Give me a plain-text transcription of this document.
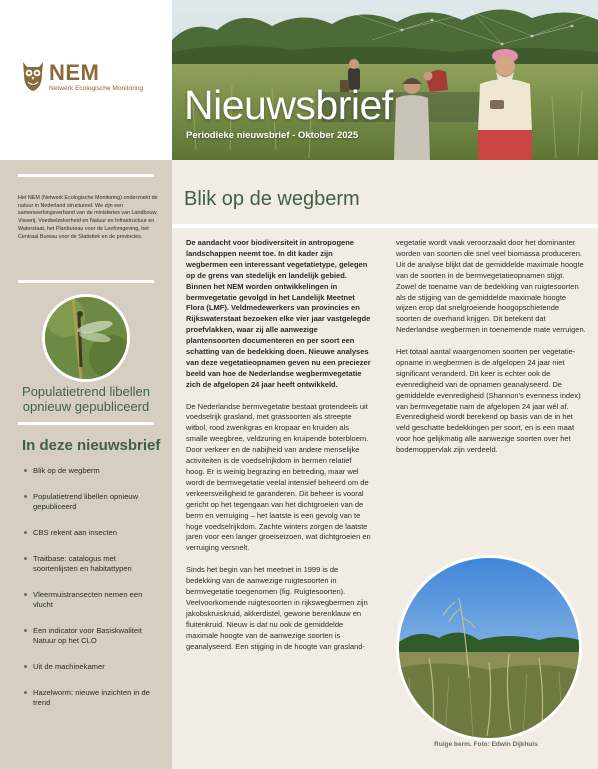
NEM
Netwerk Ecologische Monitoring Nieuwsbrief
Periodieke nieuwsbrief - Oktober 2025
Het NEM (Netwerk Ecologische Monitoring) onderzoekt de natuur in Nederland structureel. We zijn een samenwerkingsverband van de ministeries van Landbouw, Visserij, Voedselzekerheid en Natuur en Infrastructuur en Waterstaat, het Planbureau voor de Leefomgeving, het Centraal Bureau voor de Statistiek en de provincies.
Populatietrend libellen opnieuw gepubliceerd
In deze nieuwsbrief
Blik op de wegberm
Populatietrend libellen opnieuw gepubliceerd
CBS rekent aan insecten
Traitbase: catalogus met soortenlijsten en habitattypen
Vleermuistransecten nemen een vlucht
Een indicator voor Basiskwaliteit Natuur op het CLO
Uit de machinekamer
Hazelworm: nieuwe inzichten in de trend
Blik op de wegberm

De aandacht voor biodiversiteit in antropogene landschappen neemt toe. In dit kader zijn wegbermen een interessant vegetatietype, gelegen op de grens van stedelijk en landelijk gebied. Binnen het NEM worden ontwikkelingen in bermvegetatie gevolgd in het Landelijk Meetnet Flora (LMF). Veldmedewerkers van provincies en Rijkswaterstaat bezoeken elke vier jaar vastgelegde proefvlakken, waar zij alle aanwezige plantensoorten documenteren en per soort een schatting van de bedekking doen. Nieuwe analyses van deze vegetatieopnamen geven nu een preciezer beeld van hoe de Nederlandse wegbermvegetatie zich de afgelopen 24 jaar heeft ontwikkeld.

De Nederlandse bermvegetatie bestaat grotendeels uit voedselrijk grasland, met grassoorten als streepte witbol, rood zwenkgras en kropaar en kruiden als smalle weegbree, veldzuring en kruipende boterbloem. Door verkeer en de nabijheid van andere menselijke activiteiten is de voedselrijkdom in bermen relatief hoog. Er is weinig begrazing en betreding, maar wel wordt de bermvegetatie veelal intensief beheerd om de verkeersveiligheid te garanderen. Dit beheer is vooral gericht op het tegengaan van het dichtgroeien van de berm en verruiging – het laatste is een gevolg van te hoge voedselrijkdom. Zachte winters zorgen de laatste jaren voor een langer groeiseizoen, wat dichtgroeien en verruiging versnelt.

Sinds het begin van het meetnet in 1999 is de bedekking van de aanwezige ruigtesoorten in bermvegetatie toegenomen (fig. Ruigtesoorten). Veelvoorkomende ruigtesoorten in rijkswegbermen zijn jakobskruiskruid, akkerdistel, gewone berenklauw en fluitenkruid. Nieuw is dat nu ook de gemiddelde maximale hoogte van de aanwezige soorten is geanalyseerd. Een stijging in de hoogte van grasland-

vegetatie wordt vaak veroorzaakt door het dominanter worden van soorten die snel veel biomassa produceren. Uit de analyse blijkt dat de gemiddelde maximale hoogte van de soorten in de bermvegetatieopnamen stijgt.

Zowel de toename van de bedekking van ruigtesoorten als de stijging van de gemiddelde maximale hoogte wijzen erop dat snelgroeiende hoogopschietende soorten de overhand krijgen. Dit betekent dat Nederlandse wegbermen in toenemende mate verruigen.

Het totaal aantal waargenomen soorten per vegetatie-opname in wegbermen is de afgelopen 24 jaar niet significant veranderd. Dit keer is echter ook de evenredigheid van de opnamen geanalyseerd. De gemiddelde evenredigheid (Shannon's evenness index) van bermvegetatie nam de afgelopen 24 jaar wél af. Evenredigheid wordt berekend op basis van de in het veld geschatte bedekkingen per soort, en is een maat voor hoe gelijkmatig alle aanwezige soorten over het bodemoppervlak zijn verdeeld.

Ruige berm. Foto: Edwin Dijkhuis
